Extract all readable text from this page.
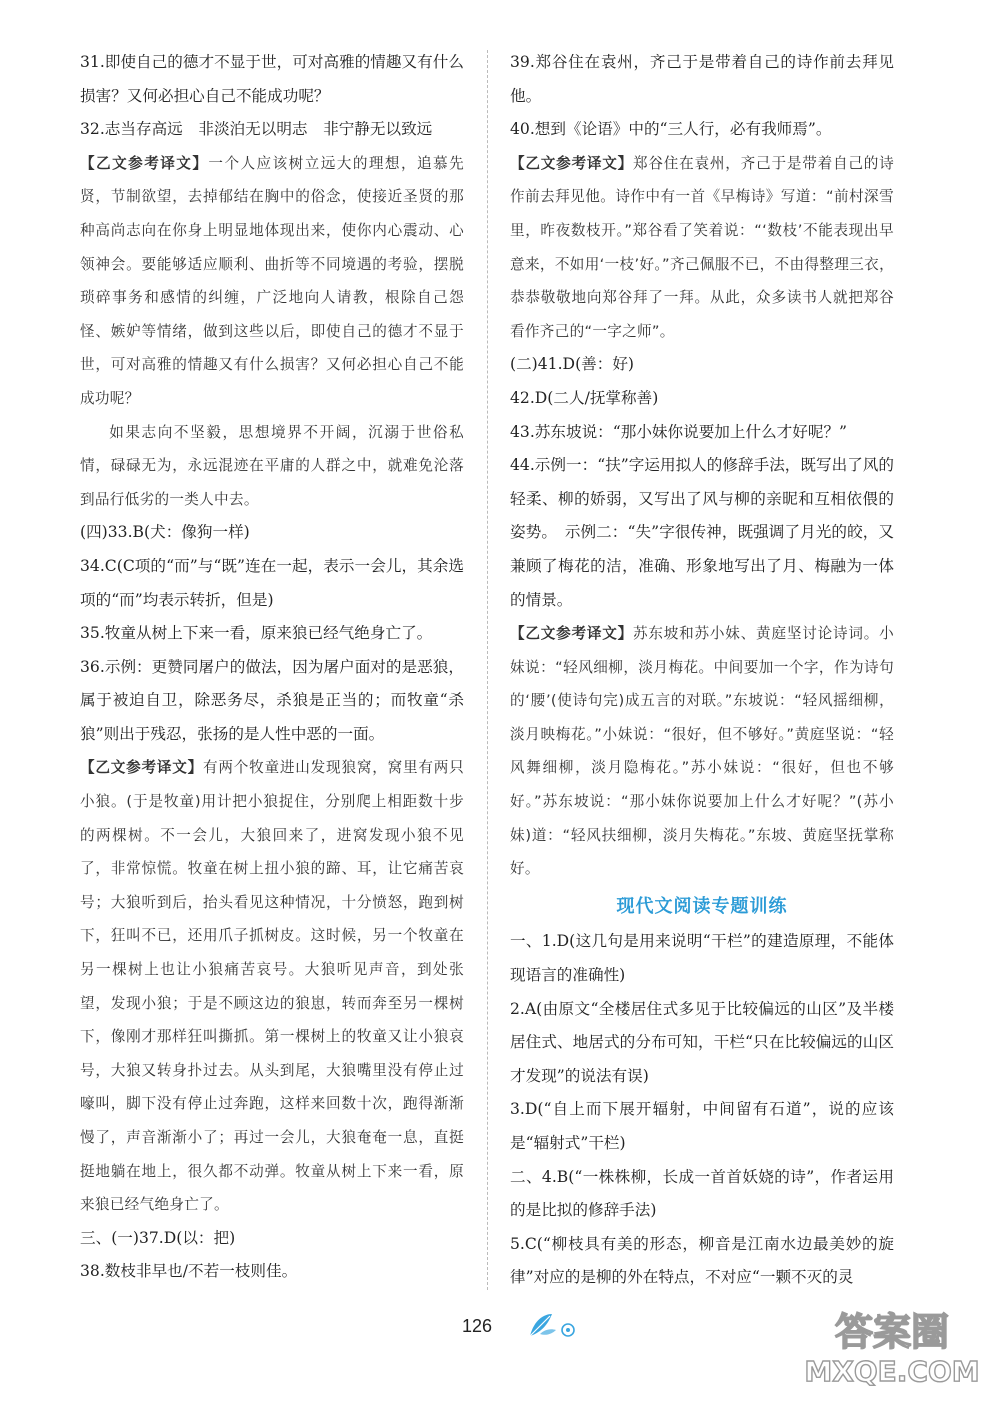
31.即使自己的德才不显于世，可对高雅的情趣又有什么损害？又何必担心自己不能成功呢？

32.志当存高远　非淡泊无以明志　非宁静无以致远

【乙文参考译文】一个人应该树立远大的理想，追慕先贤，节制欲望，去掉郁结在胸中的俗念，使接近圣贤的那种高尚志向在你身上明显地体现出来，使你内心震动、心领神会。要能够适应顺利、曲折等不同境遇的考验，摆脱琐碎事务和感情的纠缠，广泛地向人请教，根除自己怨怪、嫉妒等情绪，做到这些以后，即使自己的德才不显于世，可对高雅的情趣又有什么损害？又何必担心自己不能成功呢？

如果志向不坚毅，思想境界不开阔，沉溺于世俗私情，碌碌无为，永远混迹在平庸的人群之中，就难免沦落到品行低劣的一类人中去。

(四)33.B(犬：像狗一样)

34.C(C项的“而”与“既”连在一起，表示一会儿，其余选项的“而”均表示转折，但是)

35.牧童从树上下来一看，原来狼已经气绝身亡了。

36.示例：更赞同屠户的做法，因为屠户面对的是恶狼，属于被迫自卫，除恶务尽，杀狼是正当的；而牧童“杀狼”则出于残忍，张扬的是人性中恶的一面。

【乙文参考译文】有两个牧童进山发现狼窝，窝里有两只小狼。(于是牧童)用计把小狼捉住，分别爬上相距数十步的两棵树。不一会儿，大狼回来了，进窝发现小狼不见了，非常惊慌。牧童在树上扭小狼的蹄、耳，让它痛苦哀号；大狼听到后，抬头看见这种情况，十分愤怒，跑到树下，狂叫不已，还用爪子抓树皮。这时候，另一个牧童在另一棵树上也让小狼痛苦哀号。大狼听见声音，到处张望，发现小狼；于是不顾这边的狼崽，转而奔至另一棵树下，像刚才那样狂叫撕抓。第一棵树上的牧童又让小狼哀号，大狼又转身扑过去。从头到尾，大狼嘴里没有停止过嚎叫，脚下没有停止过奔跑，这样来回数十次，跑得渐渐慢了，声音渐渐小了；再过一会儿，大狼奄奄一息，直挺挺地躺在地上，很久都不动弹。牧童从树上下来一看，原来狼已经气绝身亡了。

三、(一)37.D(以：把)

38.数枝非早也/不若一枝则佳。

39.郑谷住在袁州，齐己于是带着自己的诗作前去拜见他。

40.想到《论语》中的“三人行，必有我师焉”。

【乙文参考译文】郑谷住在袁州，齐己于是带着自己的诗作前去拜见他。诗作中有一首《早梅诗》写道：“前村深雪里，昨夜数枝开。”郑谷看了笑着说：“‘数枝’不能表现出早意来，不如用‘一枝’好。”齐己佩服不已，不由得整理三衣，恭恭敬敬地向郑谷拜了一拜。从此，众多读书人就把郑谷看作齐己的“一字之师”。

(二)41.D(善：好)

42.D(二人/抚掌称善)

43.苏东坡说：“那小妹你说要加上什么才好呢？”

44.示例一：“扶”字运用拟人的修辞手法，既写出了风的轻柔、柳的娇弱，又写出了风与柳的亲昵和互相依偎的姿势。　示例二：“失”字很传神，既强调了月光的皎，又兼顾了梅花的洁，准确、形象地写出了月、梅融为一体的情景。

【乙文参考译文】苏东坡和苏小妹、黄庭坚讨论诗词。小妹说：“轻风细柳，淡月梅花。中间要加一个字，作为诗句的‘腰’(使诗句完)成五言的对联。”东坡说：“轻风摇细柳，淡月映梅花。”小妹说：“很好，但不够好。”黄庭坚说：“轻风舞细柳，淡月隐梅花。”苏小妹说：“很好，但也不够好。”苏东坡说：“那小妹你说要加上什么才好呢？”(苏小妹)道：“轻风扶细柳，淡月失梅花。”东坡、黄庭坚抚掌称好。

现代文阅读专题训练

一、1.D(这几句是用来说明“干栏”的建造原理，不能体现语言的准确性)

2.A(由原文“全楼居住式多见于比较偏远的山区”及半楼居住式、地居式的分布可知，干栏“只在比较偏远的山区才发现”的说法有误)

3.D(“自上而下展开辐射，中间留有石道”，说的应该是“辐射式”干栏)

二、4.B(“一株株柳，长成一首首妖娆的诗”，作者运用的是比拟的修辞手法)

5.C(“柳枝具有美的形态，柳音是江南水边最美妙的旋律”对应的是柳的外在特点，不对应“一颗不灭的灵

126	答案圈
MXQE.COM
